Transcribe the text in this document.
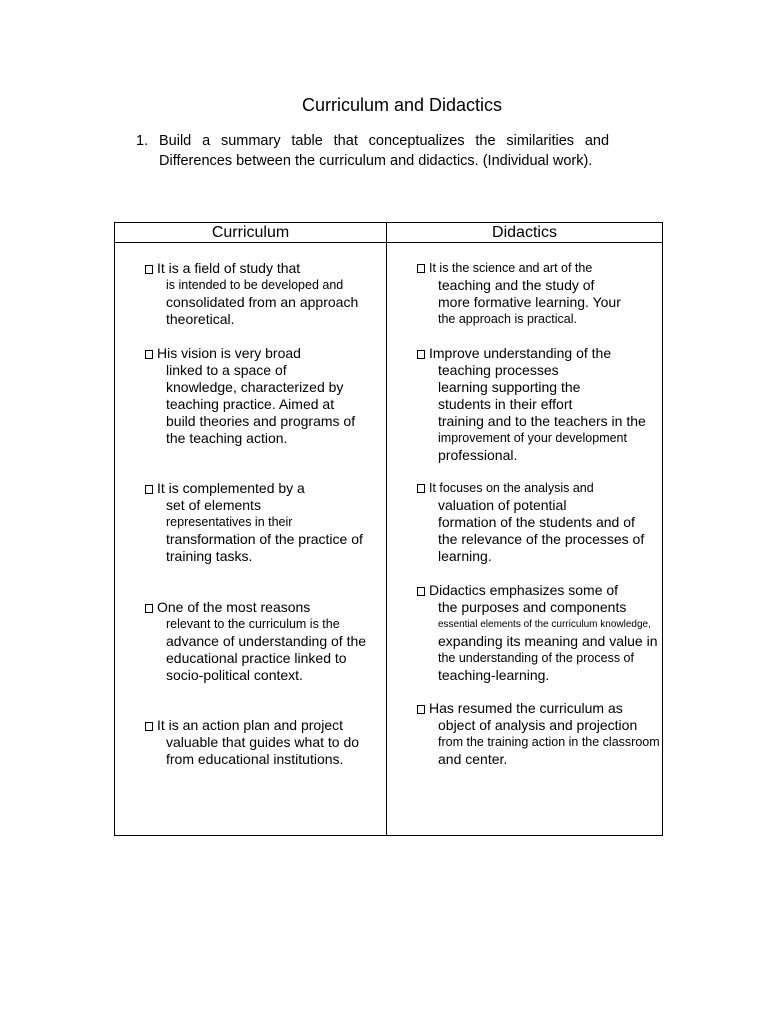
Curriculum and Didactics
1. Build a summary table that conceptualizes the similarities and
Differences between the curriculum and didactics. (Individual work).
Curriculum	Didactics
It is a field of study that
is intended to be developed and
consolidated from an approach
theoretical.
His vision is very broad
linked to a space of
knowledge, characterized by
teaching practice. Aimed at
build theories and programs of
the teaching action.
It is complemented by a
set of elements
representatives in their
transformation of the practice of
training tasks.
One of the most reasons
relevant to the curriculum is the
advance of understanding of the
educational practice linked to
socio-political context.
It is an action plan and project
valuable that guides what to do
from educational institutions.
It is the science and art of the
teaching and the study of
more formative learning. Your
the approach is practical.
Improve understanding of the
teaching processes
learning supporting the
students in their effort
training and to the teachers in the
improvement of your development
professional.
It focuses on the analysis and
valuation of potential
formation of the students and of
the relevance of the processes of
learning.
Didactics emphasizes some of
the purposes and components
essential elements of the curriculum knowledge,
expanding its meaning and value in
the understanding of the process of
teaching-learning.
Has resumed the curriculum as
object of analysis and projection
from the training action in the classroom
and center.
